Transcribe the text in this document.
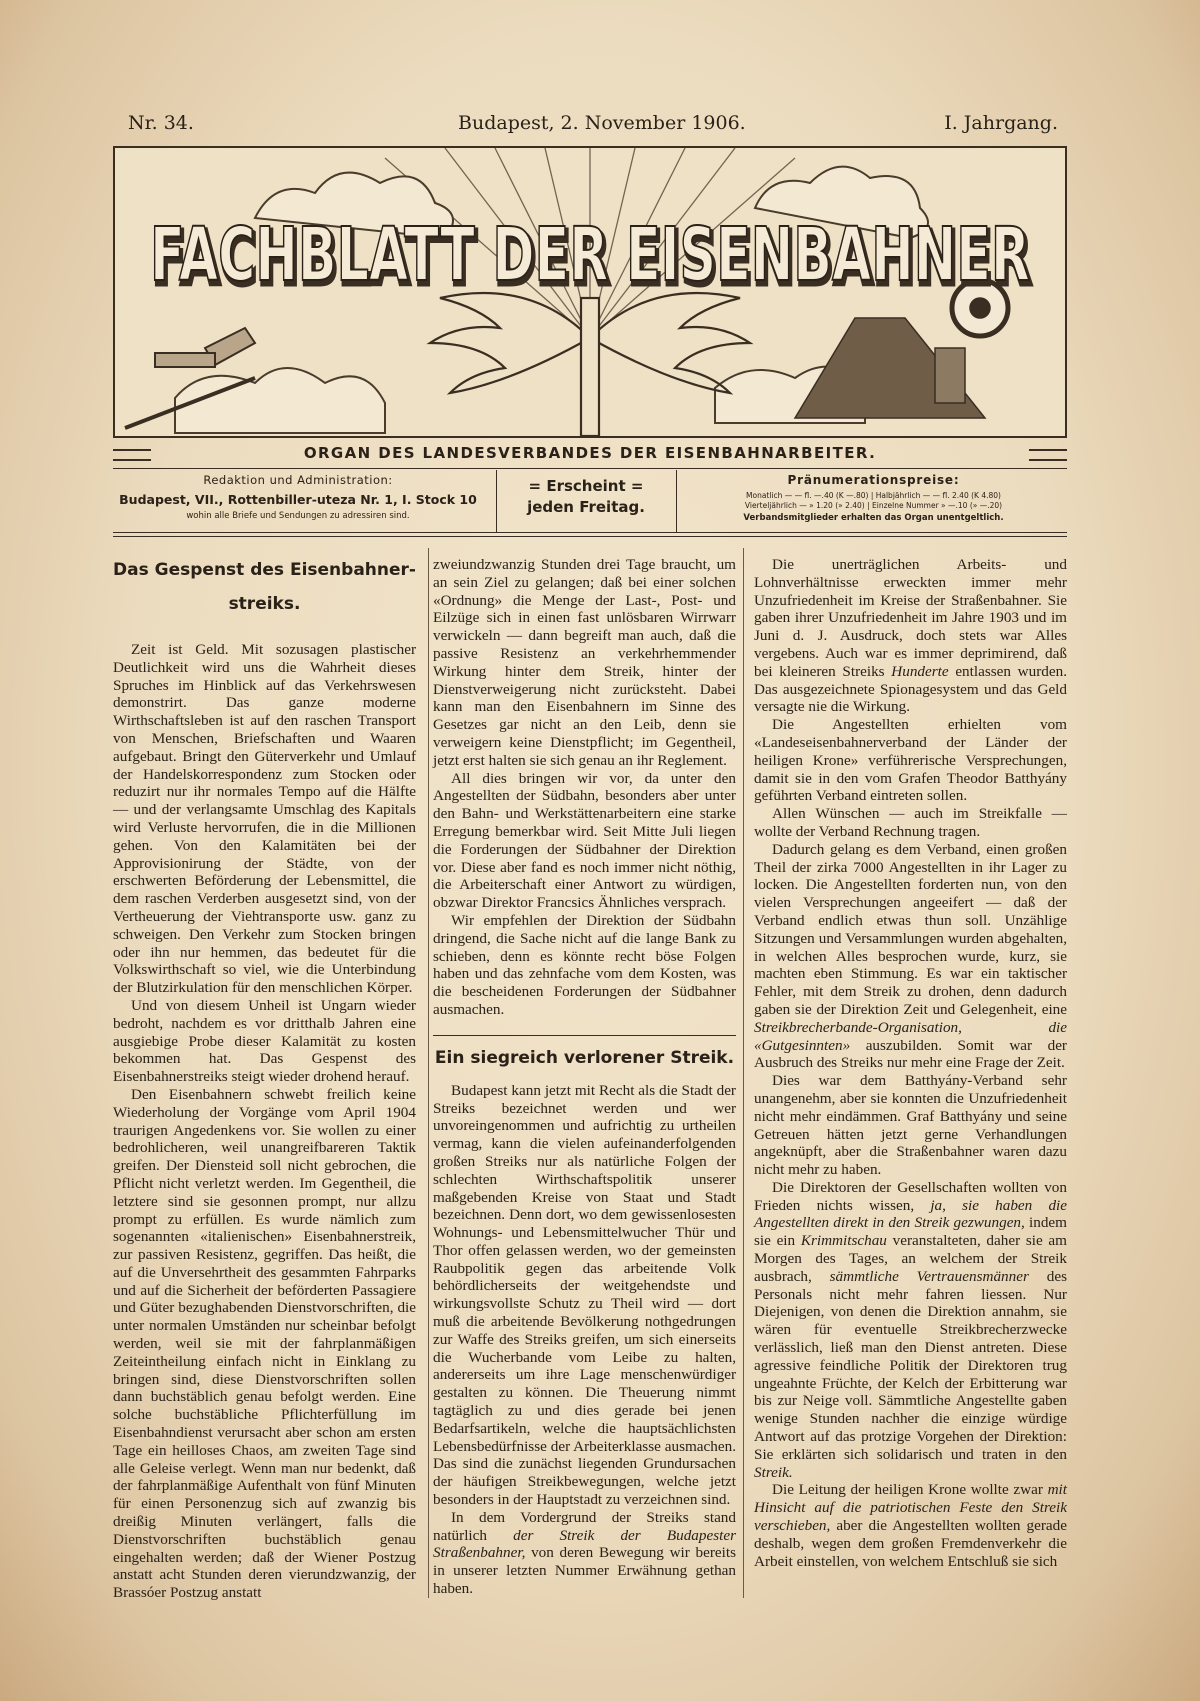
Nr. 34.	Budapest, 2. November 1906.	I. Jahrgang.
FACHBLATT DER EISENBAHNER
FACHBLATT DER EISENBAHNER
ORGAN DES LANDESVERBANDES DER EISENBAHNARBEITER.
Redaktion und Administration:
Budapest, VII., Rottenbiller-uteza Nr. 1, I. Stock 10
wohin alle Briefe und Sendungen zu adressiren sind.
= Erscheint =
jeden Freitag.
Pränumerationspreise:
Monatlich — — fl. —.40 (K —.80) | Halbjährlich — — fl. 2.40 (K 4.80)
Vierteljährlich — » 1.20 (» 2.40) | Einzelne Nummer » —.10 (» —.20)
Verbandsmitglieder erhalten das Organ unentgeltlich.
Das Gespenst des Eisenbahner-
streiks.

Zeit ist Geld. Mit sozusagen plastischer Deutlichkeit wird uns die Wahrheit dieses Spruches im Hinblick auf das Verkehrswesen demonstrirt. Das ganze moderne Wirthschaftsleben ist auf den raschen Transport von Menschen, Briefschaften und Waaren aufgebaut. Bringt den Güterverkehr und Umlauf der Handelskorrespondenz zum Stocken oder reduzirt nur ihr normales Tempo auf die Hälfte — und der verlangsamte Umschlag des Kapitals wird Verluste hervorrufen, die in die Millionen gehen. Von den Kalamitäten bei der Approvisionirung der Städte, von der erschwerten Beförderung der Lebensmittel, die dem raschen Verderben ausgesetzt sind, von der Vertheuerung der Viehtransporte usw. ganz zu schweigen. Den Verkehr zum Stocken bringen oder ihn nur hemmen, das bedeutet für die Volkswirthschaft so viel, wie die Unterbindung der Blutzirkulation für den menschlichen Körper.

Und von diesem Unheil ist Ungarn wieder bedroht, nachdem es vor dritthalb Jahren eine ausgiebige Probe dieser Kalamität zu kosten bekommen hat. Das Gespenst des Eisenbahnerstreiks steigt wieder drohend herauf.

Den Eisenbahnern schwebt freilich keine Wiederholung der Vorgänge vom April 1904 traurigen Angedenkens vor. Sie wollen zu einer bedrohlicheren, weil unangreifbareren Taktik greifen. Der Diensteid soll nicht gebrochen, die Pflicht nicht verletzt werden. Im Gegentheil, die letztere sind sie gesonnen prompt, nur allzu prompt zu erfüllen. Es wurde nämlich zum sogenannten «italienischen» Eisenbahnerstreik, zur passiven Resistenz, gegriffen. Das heißt, die auf die Unversehrtheit des gesammten Fahrparks und auf die Sicherheit der beförderten Passagiere und Güter bezughabenden Dienstvorschriften, die unter normalen Umständen nur scheinbar befolgt werden, weil sie mit der fahrplanmäßigen Zeiteintheilung einfach nicht in Einklang zu bringen sind, diese Dienstvorschriften sollen dann buchstäblich genau befolgt werden. Eine solche buchstäbliche Pflichterfüllung im Eisenbahndienst verursacht aber schon am ersten Tage ein heilloses Chaos, am zweiten Tage sind alle Geleise verlegt. Wenn man nur bedenkt, daß der fahrplanmäßige Aufenthalt von fünf Minuten für einen Personenzug sich auf zwanzig bis dreißig Minuten verlängert, falls die Dienstvorschriften buchstäblich genau eingehalten werden; daß der Wiener Postzug anstatt acht Stunden deren vierundzwanzig, der Brassóer Postzug anstatt

zweiundzwanzig Stunden drei Tage braucht, um an sein Ziel zu gelangen; daß bei einer solchen «Ordnung» die Menge der Last-, Post- und Eilzüge sich in einen fast unlösbaren Wirrwarr verwickeln — dann begreift man auch, daß die passive Resistenz an verkehrhemmender Wirkung hinter dem Streik, hinter der Dienstverweigerung nicht zurücksteht. Dabei kann man den Eisenbahnern im Sinne des Gesetzes gar nicht an den Leib, denn sie verweigern keine Dienstpflicht; im Gegentheil, jetzt erst halten sie sich genau an ihr Reglement.

All dies bringen wir vor, da unter den Angestellten der Südbahn, besonders aber unter den Bahn- und Werkstättenarbeitern eine starke Erregung bemerkbar wird. Seit Mitte Juli liegen die Forderungen der Südbahner der Direktion vor. Diese aber fand es noch immer nicht nöthig, die Arbeiterschaft einer Antwort zu würdigen, obzwar Direktor Francsics Ähnliches versprach.

Wir empfehlen der Direktion der Südbahn dringend, die Sache nicht auf die lange Bank zu schieben, denn es könnte recht böse Folgen haben und das zehnfache vom dem Kosten, was die bescheidenen Forderungen der Südbahner ausmachen.

Ein siegreich verlorener Streik.

Budapest kann jetzt mit Recht als die Stadt der Streiks bezeichnet werden und wer unvoreingenommen und aufrichtig zu urtheilen vermag, kann die vielen aufeinanderfolgenden großen Streiks nur als natürliche Folgen der schlechten Wirthschaftspolitik unserer maßgebenden Kreise von Staat und Stadt bezeichnen. Denn dort, wo dem gewissenlosesten Wohnungs- und Lebensmittelwucher Thür und Thor offen gelassen werden, wo der gemeinsten Raubpolitik gegen das arbeitende Volk behördlicherseits der weitgehendste und wirkungsvollste Schutz zu Theil wird — dort muß die arbeitende Bevölkerung nothgedrungen zur Waffe des Streiks greifen, um sich einerseits die Wucherbande vom Leibe zu halten, andererseits um ihre Lage menschenwürdiger gestalten zu können. Die Theuerung nimmt tagtäglich zu und dies gerade bei jenen Bedarfsartikeln, welche die hauptsächlichsten Lebensbedürfnisse der Arbeiterklasse ausmachen. Das sind die zunächst liegenden Grundursachen der häufigen Streikbewegungen, welche jetzt besonders in der Hauptstadt zu verzeichnen sind.

In dem Vordergrund der Streiks stand natürlich der Streik der Budapester Straßenbahner, von deren Bewegung wir bereits in unserer letzten Nummer Erwähnung gethan haben.

Die unerträglichen Arbeits- und Lohnverhältnisse erweckten immer mehr Unzufriedenheit im Kreise der Straßenbahner. Sie gaben ihrer Unzufriedenheit im Jahre 1903 und im Juni d. J. Ausdruck, doch stets war Alles vergebens. Auch war es immer deprimirend, daß bei kleineren Streiks Hunderte entlassen wurden. Das ausgezeichnete Spionagesystem und das Geld versagte nie die Wirkung.

Die Angestellten erhielten vom «Landeseisenbahnerverband der Länder der heiligen Krone» verführerische Versprechungen, damit sie in den vom Grafen Theodor Batthyány geführten Verband eintreten sollen.

Allen Wünschen — auch im Streikfalle — wollte der Verband Rechnung tragen.

Dadurch gelang es dem Verband, einen großen Theil der zirka 7000 Angestellten in ihr Lager zu locken. Die Angestellten forderten nun, von den vielen Versprechungen angeeifert — daß der Verband endlich etwas thun soll. Unzählige Sitzungen und Versammlungen wurden abgehalten, in welchen Alles besprochen wurde, kurz, sie machten eben Stimmung. Es war ein taktischer Fehler, mit dem Streik zu drohen, denn dadurch gaben sie der Direktion Zeit und Gelegenheit, eine Streikbrecherbande-Organisation, die «Gutgesinnten» auszubilden. Somit war der Ausbruch des Streiks nur mehr eine Frage der Zeit.

Dies war dem Batthyány-Verband sehr unangenehm, aber sie konnten die Unzufriedenheit nicht mehr eindämmen. Graf Batthyány und seine Getreuen hätten jetzt gerne Verhandlungen angeknüpft, aber die Straßenbahner waren dazu nicht mehr zu haben.

Die Direktoren der Gesellschaften wollten von Frieden nichts wissen, ja, sie haben die Angestellten direkt in den Streik gezwungen, indem sie ein Krimmitschau veranstalteten, daher sie am Morgen des Tages, an welchem der Streik ausbrach, sämmtliche Vertrauensmänner des Personals nicht mehr fahren liessen. Nur Diejenigen, von denen die Direktion annahm, sie wären für eventuelle Streikbrecherzwecke verlässlich, ließ man den Dienst antreten. Diese agressive feindliche Politik der Direktoren trug ungeahnte Früchte, der Kelch der Erbitterung war bis zur Neige voll. Sämmtliche Angestellte gaben wenige Stunden nachher die einzige würdige Antwort auf das protzige Vorgehen der Direktion: Sie erklärten sich solidarisch und traten in den Streik.

Die Leitung der heiligen Krone wollte zwar mit Hinsicht auf die patriotischen Feste den Streik verschieben, aber die Angestellten wollten gerade deshalb, wegen dem großen Fremdenverkehr die Arbeit einstellen, von welchem Entschluß sie sich
